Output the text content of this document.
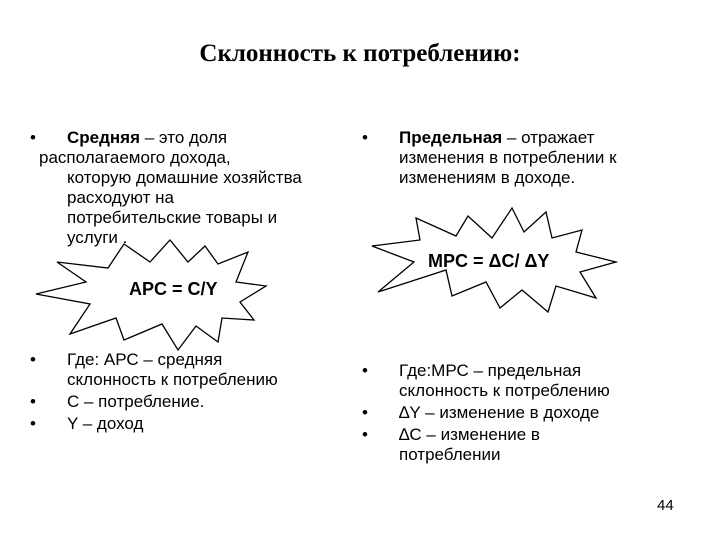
Склонность к потреблению:
•	Средняя – это доля
располагаемого дохода,
которую домашние хозяйства
расходуют на
потребительские товары и
услуги .
•	Предельная – отражает
изменения в потреблении к
изменениям в доходе.
APC = C/Y
MPC = ΔC/ ΔY
•	Где: АРС – средняя
склонность к потреблению
•	С – потребление.
•	Y – доход
•	Где:МРС – предельная
склонность к потреблению
•	∆Y – изменение в доходе
•	∆C – изменение в
потреблении
44
